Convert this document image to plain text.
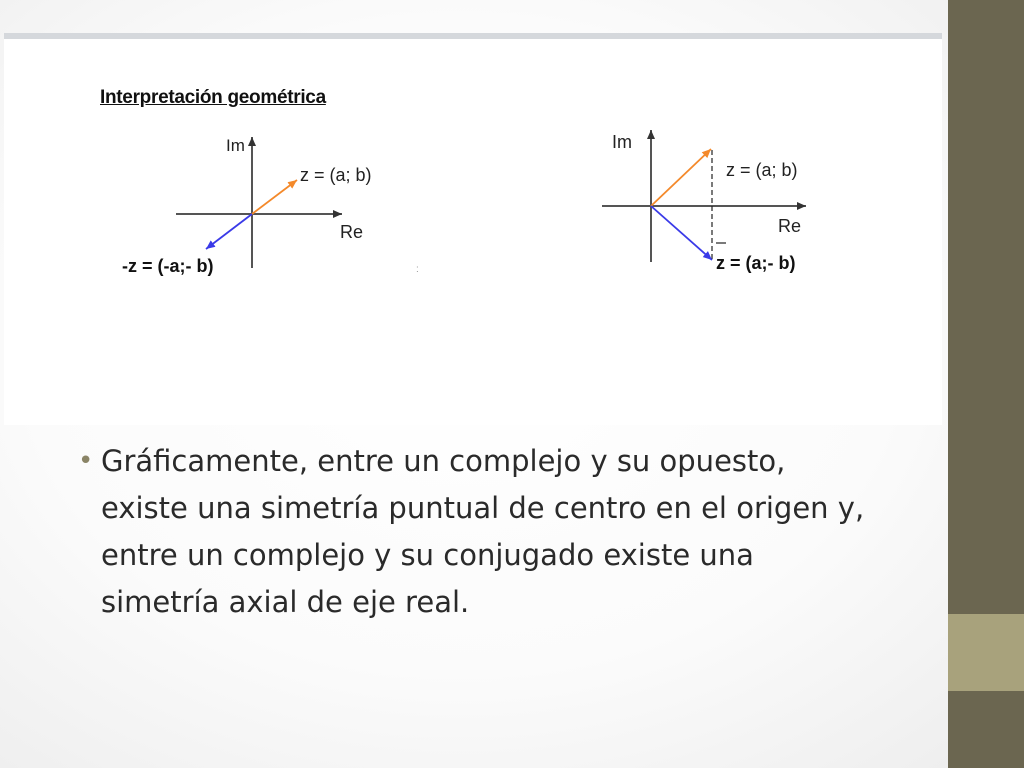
Interpretación geométrica
Im
Re
z = (a; b)
-z = (-a;- b)	:
Im
Re
z = (a; b)
z = (a;- b)
• Gráficamente, entre un complejo y su opuesto, existe una simetría puntual de centro en el origen y, entre un complejo y su conjugado existe una simetría axial de eje real.
